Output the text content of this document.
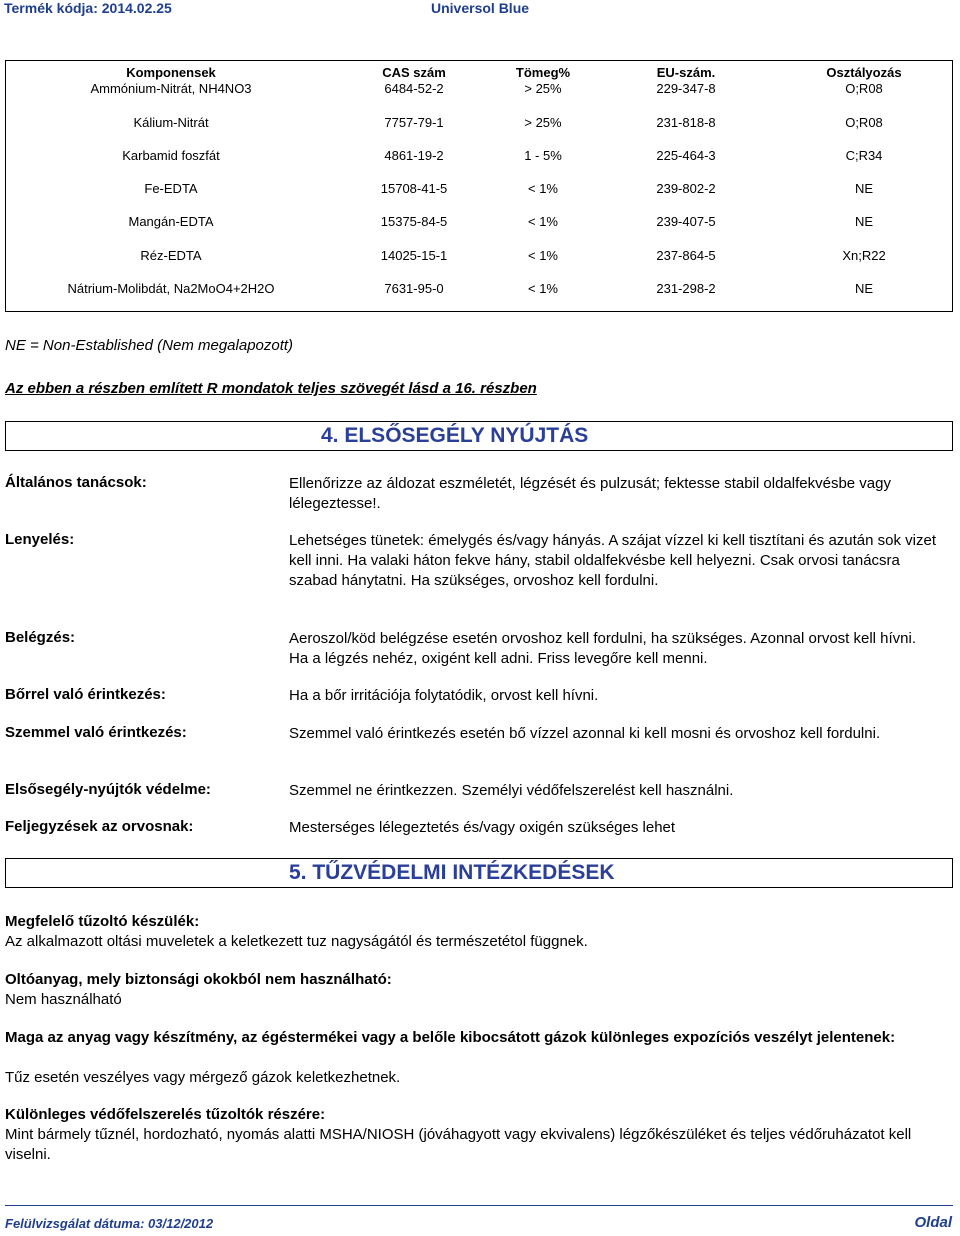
Termék kódja: 2014.02.25	Universol Blue
Komponensek	CAS szám	Tömeg%	EU-szám.	Osztályozás
Ammónium-Nitrát, NH4NO3	6484-52-2	> 25%	229-347-8	O;R08
Kálium-Nitrát	7757-79-1	> 25%	231-818-8	O;R08
Karbamid foszfát	4861-19-2	1 - 5%	225-464-3	C;R34
Fe-EDTA	15708-41-5	< 1%	239-802-2	NE
Mangán-EDTA	15375-84-5	< 1%	239-407-5	NE
Réz-EDTA	14025-15-1	< 1%	237-864-5	Xn;R22
Nátrium-Molibdát, Na2MoO4+2H2O	7631-95-0	< 1%	231-298-2	NE
NE = Non-Established (Nem megalapozott)
Az ebben a részben említett R mondatok teljes szövegét lásd a 16. részben
4. ELSŐSEGÉLY NYÚJTÁS
Általános tanácsok:	Ellenőrizze az áldozat eszméletét, légzését és pulzusát; fektesse stabil oldalfekvésbe vagy lélegeztesse!.
Lenyelés:	Lehetséges tünetek: émelygés és/vagy hányás. A szájat vízzel ki kell tisztítani és azután sok vizet kell inni. Ha valaki háton fekve hány, stabil oldalfekvésbe kell helyezni. Csak orvosi tanácsra szabad hánytatni. Ha szükséges, orvoshoz kell fordulni.
Belégzés:	Aeroszol/köd belégzése esetén orvoshoz kell fordulni, ha szükséges. Azonnal orvost kell hívni. Ha a légzés nehéz, oxigént kell adni. Friss levegőre kell menni.
Bőrrel való érintkezés:	Ha a bőr irritációja folytatódik, orvost kell hívni.
Szemmel való érintkezés:	Szemmel való érintkezés esetén bő vízzel azonnal ki kell mosni és orvoshoz kell fordulni.
Elsősegély-nyújtók védelme:	Szemmel ne érintkezzen. Személyi védőfelszerelést kell használni.
Feljegyzések az orvosnak:	Mesterséges lélegeztetés és/vagy oxigén szükséges lehet
5. TŰZVÉDELMI INTÉZKEDÉSEK
Megfelelő tűzoltó készülék:
Az alkalmazott oltási muveletek a keletkezett tuz nagyságától és természetétol függnek.
Oltóanyag, mely biztonsági okokból nem használható:
Nem használható
Maga az anyag vagy készítmény, az égéstermékei vagy a belőle kibocsátott gázok különleges expozíciós veszélyt jelentenek:
Tűz esetén veszélyes vagy mérgező gázok keletkezhetnek.
Különleges védőfelszerelés tűzoltók részére:
Mint bármely tűznél, hordozható, nyomás alatti MSHA/NIOSH (jóváhagyott vagy ekvivalens) légzőkészüléket és teljes védőruházatot kell viselni.
Felülvizsgálat dátuma: 03/12/2012	Oldal
